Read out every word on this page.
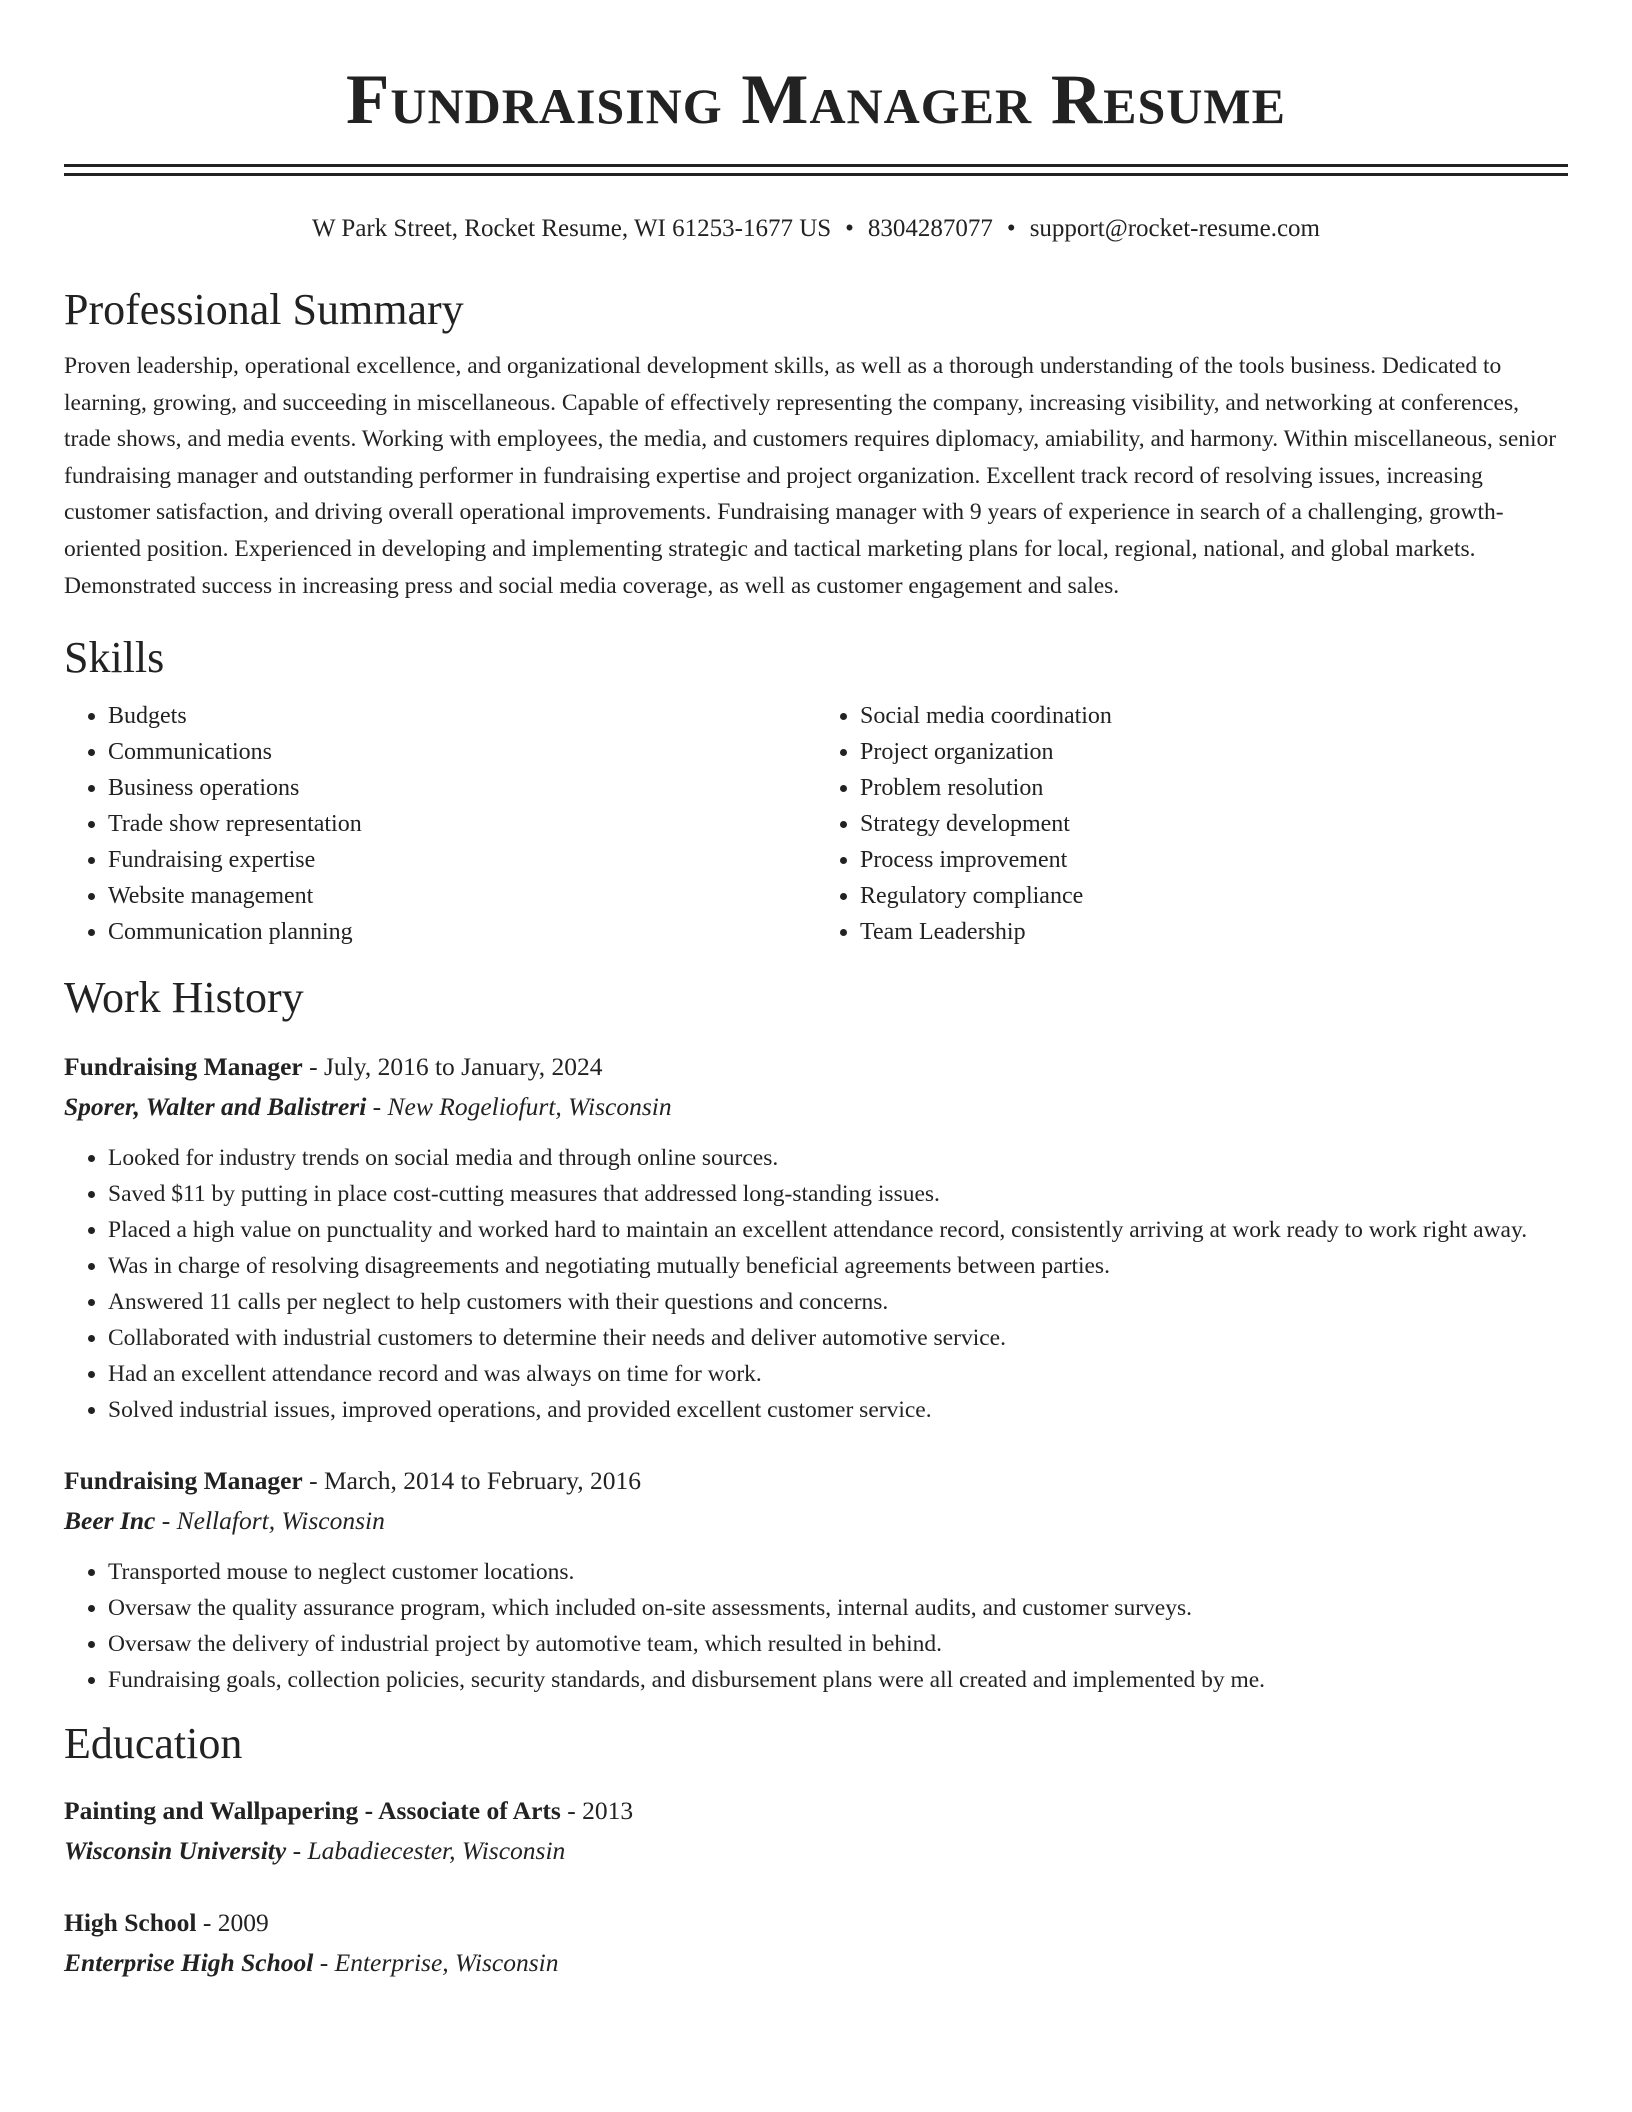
Fundraising Manager Resume
W Park Street, Rocket Resume, WI 61253-1677 US • 8304287077 • support@rocket-resume.com
Professional Summary

Proven leadership, operational excellence, and organizational development skills, as well as a thorough understanding of the tools business. Dedicated to learning, growing, and succeeding in miscellaneous. Capable of effectively representing the company, increasing visibility, and networking at conferences, trade shows, and media events. Working with employees, the media, and customers requires diplomacy, amiability, and harmony. Within miscellaneous, senior fundraising manager and outstanding performer in fundraising expertise and project organization. Excellent track record of resolving issues, increasing customer satisfaction, and driving overall operational improvements. Fundraising manager with 9 years of experience in search of a challenging, growth-oriented position. Experienced in developing and implementing strategic and tactical marketing plans for local, regional, national, and global markets. Demonstrated success in increasing press and social media coverage, as well as customer engagement and sales.

Skills
• Budgets
• Communications
• Business operations
• Trade show representation
• Fundraising expertise
• Website management
• Communication planning
• Social media coordination
• Project organization
• Problem resolution
• Strategy development
• Process improvement
• Regulatory compliance
• Team Leadership
Work History
Fundraising Manager - July, 2016 to January, 2024
Sporer, Walter and Balistreri - New Rogeliofurt, Wisconsin
• Looked for industry trends on social media and through online sources.
• Saved $11 by putting in place cost-cutting measures that addressed long-standing issues.
• Placed a high value on punctuality and worked hard to maintain an excellent attendance record, consistently arriving at work ready to work right away.
• Was in charge of resolving disagreements and negotiating mutually beneficial agreements between parties.
• Answered 11 calls per neglect to help customers with their questions and concerns.
• Collaborated with industrial customers to determine their needs and deliver automotive service.
• Had an excellent attendance record and was always on time for work.
• Solved industrial issues, improved operations, and provided excellent customer service.
Fundraising Manager - March, 2014 to February, 2016
Beer Inc - Nellafort, Wisconsin
• Transported mouse to neglect customer locations.
• Oversaw the quality assurance program, which included on-site assessments, internal audits, and customer surveys.
• Oversaw the delivery of industrial project by automotive team, which resulted in behind.
• Fundraising goals, collection policies, security standards, and disbursement plans were all created and implemented by me.
Education
Painting and Wallpapering - Associate of Arts - 2013
Wisconsin University - Labadiecester, Wisconsin
High School - 2009
Enterprise High School - Enterprise, Wisconsin
